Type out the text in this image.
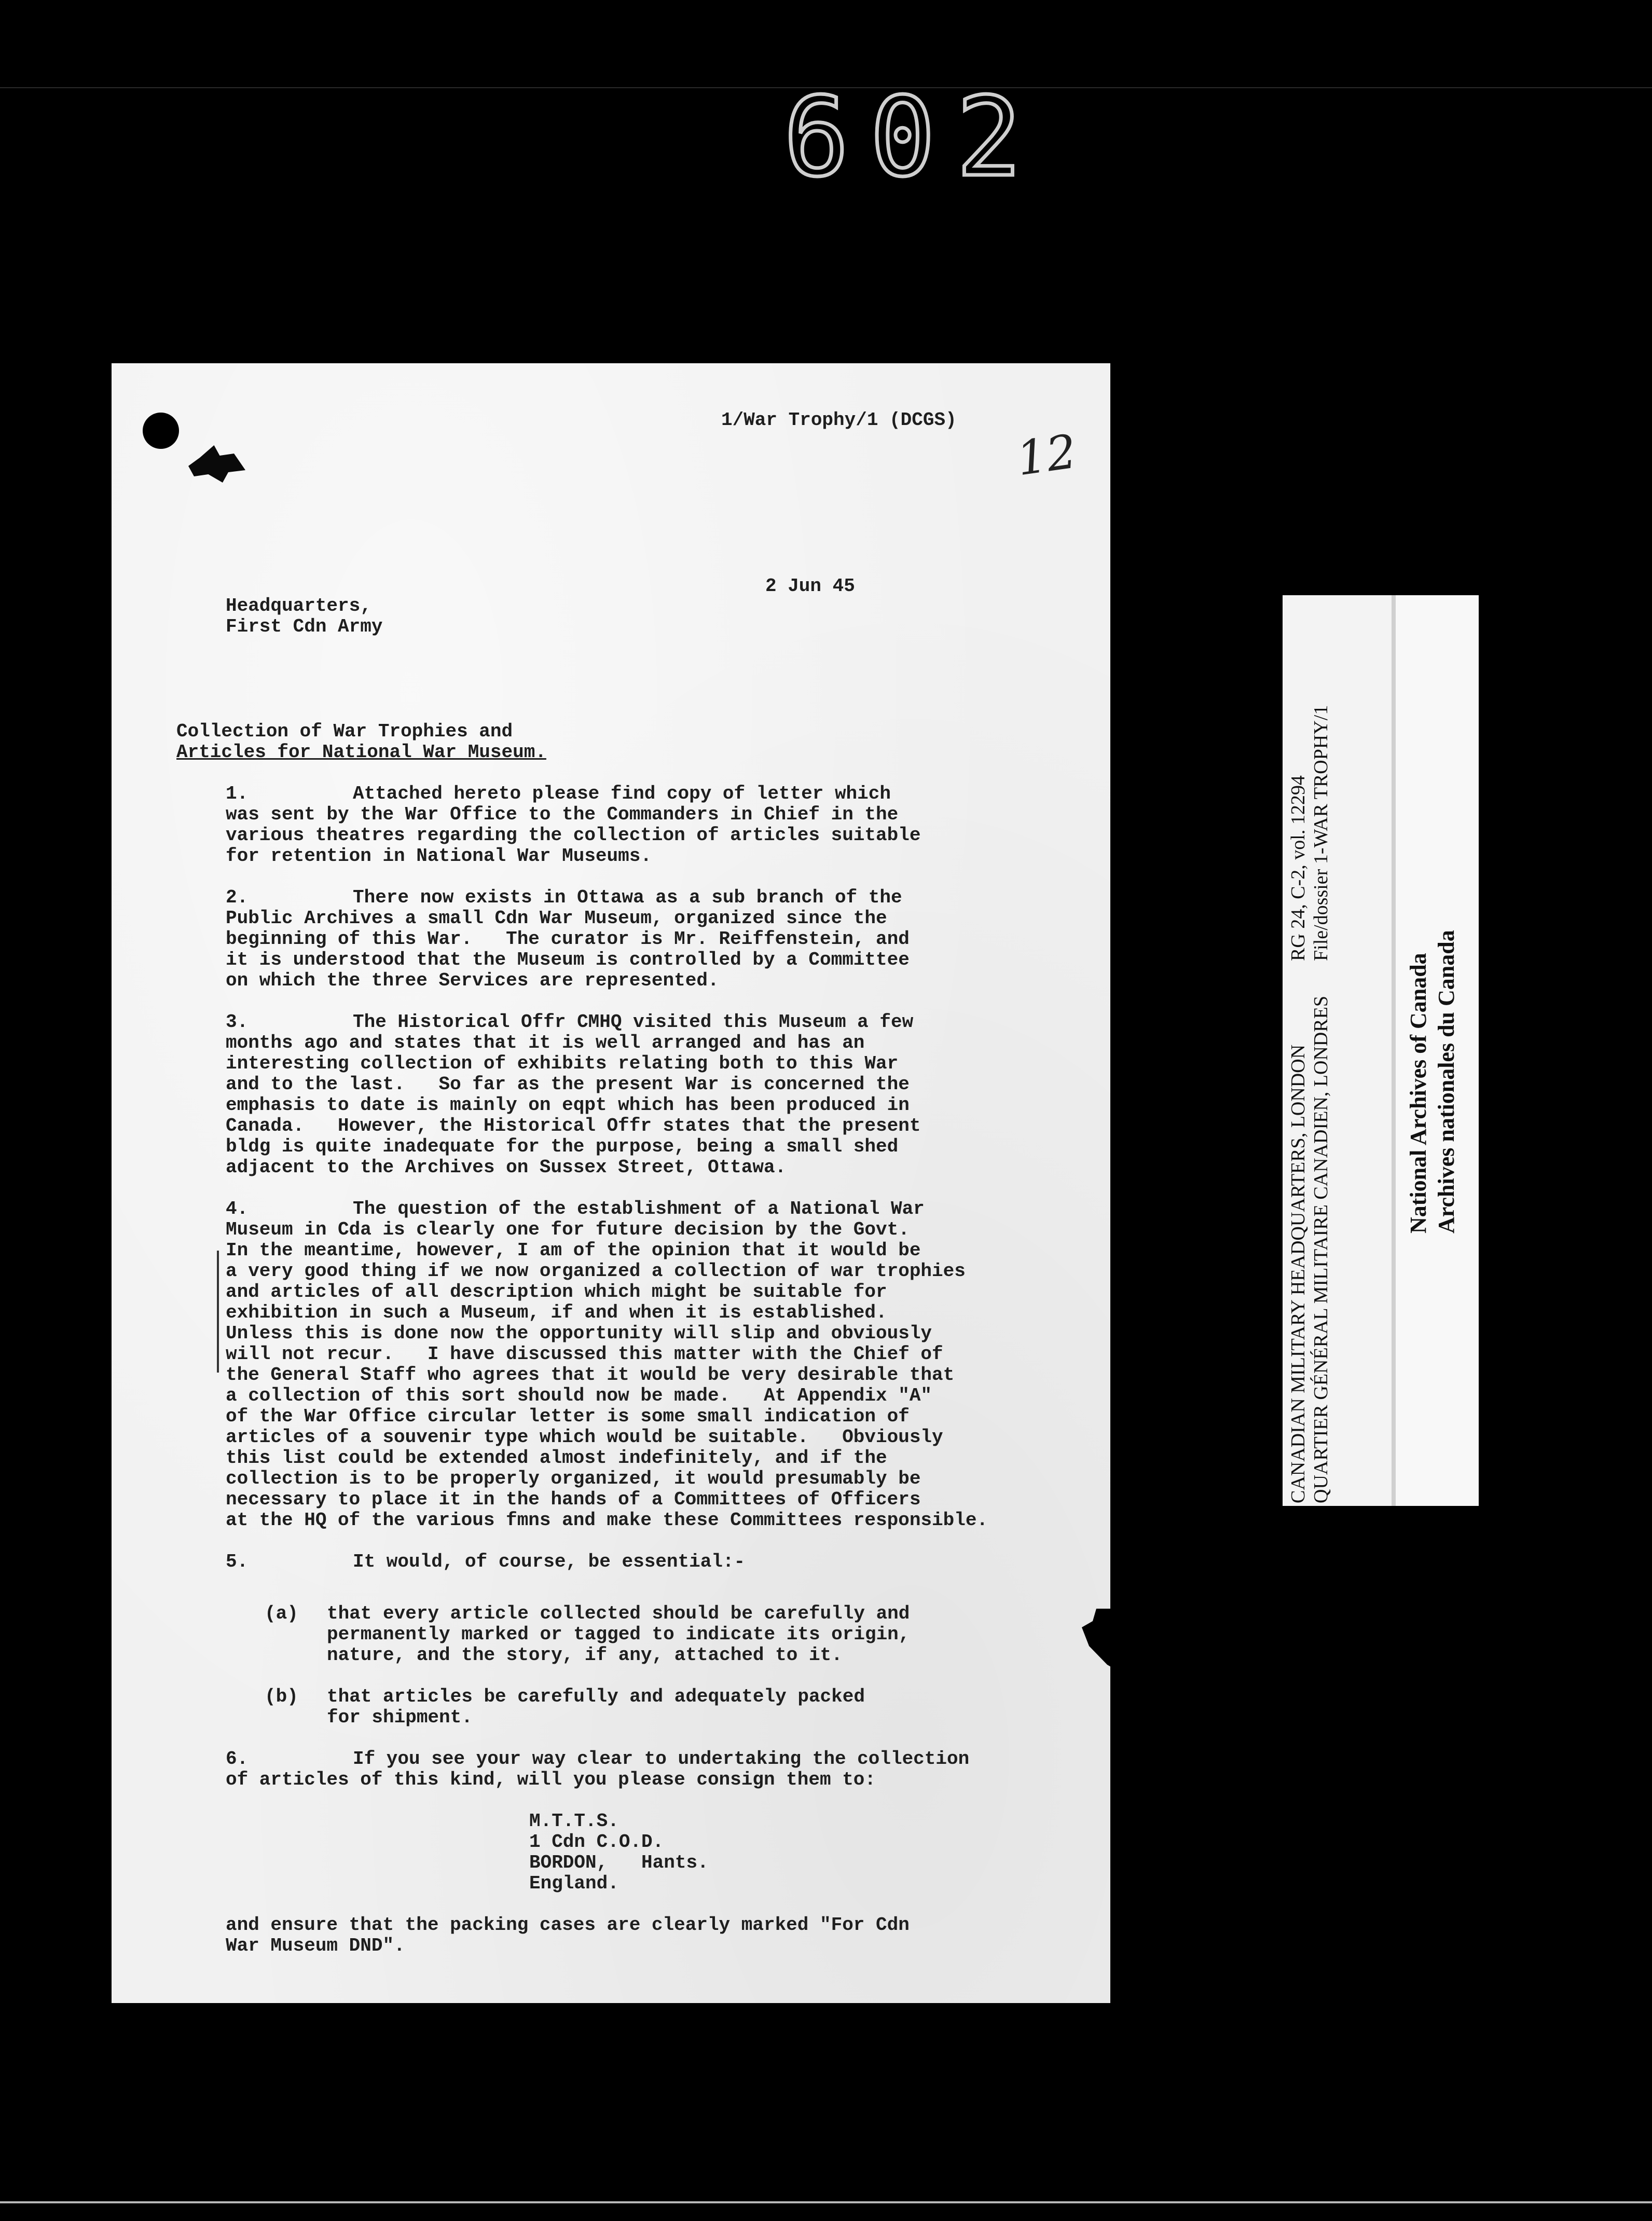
602
1/War Trophy/1 (DCGS)
12
2 Jun 45
Headquarters,
First Cdn Army
Collection of War Trophies and
Articles for National War Museum.
1.	Attached hereto please find copy of letter which
was sent by the War Office to the Commanders in Chief in the
various theatres regarding the collection of articles suitable
for retention in National War Museums.
2.	There now exists in Ottawa as a sub branch of the
Public Archives a small Cdn War Museum, organized since the
beginning of this War.   The curator is Mr. Reiffenstein, and
it is understood that the Museum is controlled by a Committee
on which the three Services are represented.
3.	The Historical Offr CMHQ visited this Museum a few
months ago and states that it is well arranged and has an
interesting collection of exhibits relating both to this War
and to the last.   So far as the present War is concerned the
emphasis to date is mainly on eqpt which has been produced in
Canada.   However, the Historical Offr states that the present
bldg is quite inadequate for the purpose, being a small shed
adjacent to the Archives on Sussex Street, Ottawa.
4.	The question of the establishment of a National War
Museum in Cda is clearly one for future decision by the Govt.
In the meantime, however, I am of the opinion that it would be
a very good thing if we now organized a collection of war trophies
and articles of all description which might be suitable for
exhibition in such a Museum, if and when it is established.
Unless this is done now the opportunity will slip and obviously
will not recur.   I have discussed this matter with the Chief of
the General Staff who agrees that it would be very desirable that
a collection of this sort should now be made.   At Appendix "A"
of the War Office circular letter is some small indication of
articles of a souvenir type which would be suitable.   Obviously
this list could be extended almost indefinitely, and if the
collection is to be properly organized, it would presumably be
necessary to place it in the hands of a Committees of Officers
at the HQ of the various fmns and make these Committees responsible.
5.	It would, of course, be essential:-
(a) that every article collected should be carefully and
permanently marked or tagged to indicate its origin,
nature, and the story, if any, attached to it.
(b) that articles be carefully and adequately packed
for shipment.
6.	If you see your way clear to undertaking the collection
of articles of this kind, will you please consign them to:
M.T.T.S.
1 Cdn C.O.D.
BORDON,   Hants.
England.
and ensure that the packing cases are clearly marked "For Cdn
War Museum DND".
CANADIAN MILITARY HEADQUARTERS, LONDON QUARTIER GÉNÉRAL MILITAIRE CANADIEN, LONDRES
RG 24, C-2, vol. 12294 File/dossier 1-WAR TROPHY/1
National Archives of Canada Archives nationales du Canada
